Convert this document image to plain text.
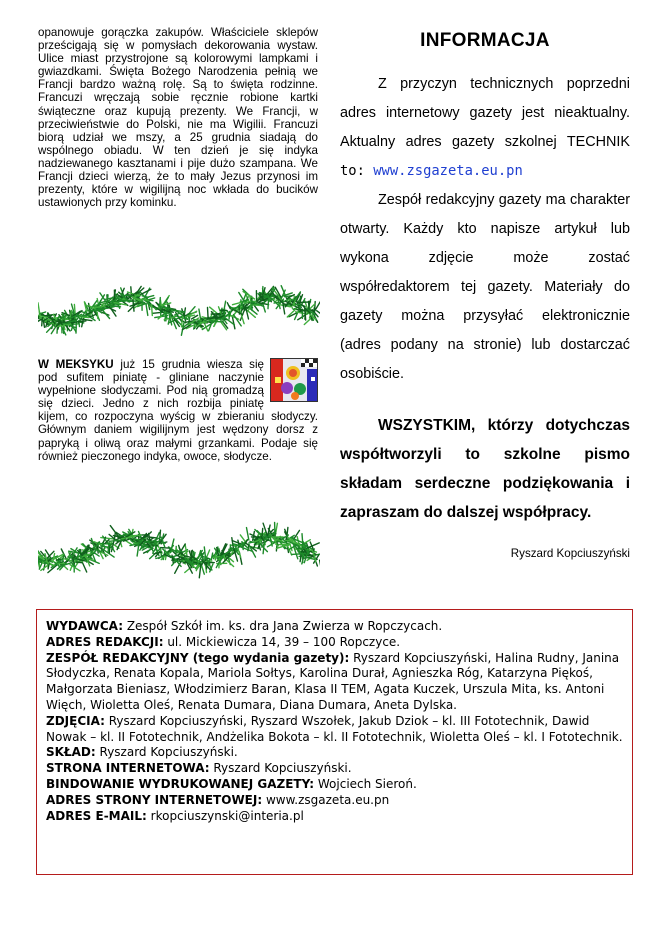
opanowuje gorączka zakupów. Właściciele sklepów prześcigają się w pomysłach dekorowania wystaw. Ulice miast przystrojone są kolorowymi lampkami i gwiazdkami. Święta Bożego Narodzenia pełnią we Francji bardzo ważną rolę. Są to święta rodzinne. Francuzi wręczają sobie ręcznie robione kartki świąteczne oraz kupują prezenty. We Francji, w przeciwieństwie do Polski, nie ma Wigilii. Francuzi biorą udział we mszy, a 25 grudnia siadają do wspólnego obiadu. W ten dzień je się indyka nadziewanego kasztanami i pije dużo szampana. We Francji dzieci wierzą, że to mały Jezus przynosi im prezenty, które w wigilijną noc wkłada do bucików ustawionych przy kominku.

W MEKSYKU już 15 grudnia wiesza się pod sufitem piniatę - gliniane naczynie wypełnione słodyczami. Pod nią gromadzą się dzieci. Jedno z nich rozbija piniatę kijem, co rozpoczyna wyścig w zbieraniu słodyczy. Głównym daniem wigilijnym jest wędzony dorsz z papryką i oliwą oraz małymi grzankami. Podaje się również pieczonego indyka, owoce, słodycze.

INFORMACJA

Z przyczyn technicznych poprzedni adres internetowy gazety jest nieaktualny. Aktualny adres gazety szkolnej TECHNIK to: www.zsgazeta.eu.pn

Zespół redakcyjny gazety ma charakter otwarty. Każdy kto napisze artykuł lub wykona zdjęcie może zostać współredaktorem tej gazety. Materiały do gazety można przysyłać elektronicznie (adres podany na stronie) lub dostarczać osobiście.

WSZYSTKIM, którzy dotychczas współtworzyli to szkolne pismo składam serdeczne podziękowania i zapraszam do dalszej współpracy.

Ryszard Kopciuszyński

WYDAWCA: Zespół Szkół im. ks. dra Jana Zwierza w Ropczycach.

ADRES REDAKCJI: ul. Mickiewicza 14, 39 – 100 Ropczyce.

ZESPÓŁ REDAKCYJNY (tego wydania gazety): Ryszard Kopciuszyński, Halina Rudny, Janina Słodyczka, Renata Kopala, Mariola Sołtys, Karolina Durał, Agnieszka Róg, Katarzyna Piękoś, Małgorzata Bieniasz, Włodzimierz Baran, Klasa II TEM, Agata Kuczek, Urszula Mita, ks. Antoni Więch, Wioletta Oleś, Renata Dumara, Diana Dumara, Aneta Dylska.

ZDJĘCIA: Ryszard Kopciuszyński, Ryszard Wszołek, Jakub Dziok – kl. III Fototechnik, Dawid Nowak – kl. II Fototechnik, Andżelika Bokota – kl. II Fototechnik, Wioletta Oleś – kl. I Fototechnik.

SKŁAD: Ryszard Kopciuszyński.

STRONA INTERNETOWA: Ryszard Kopciuszyński.

BINDOWANIE WYDRUKOWANEJ GAZETY: Wojciech Sieroń.

ADRES STRONY INTERNETOWEJ: www.zsgazeta.eu.pn

ADRES E-MAIL: rkopciuszynski@interia.pl
